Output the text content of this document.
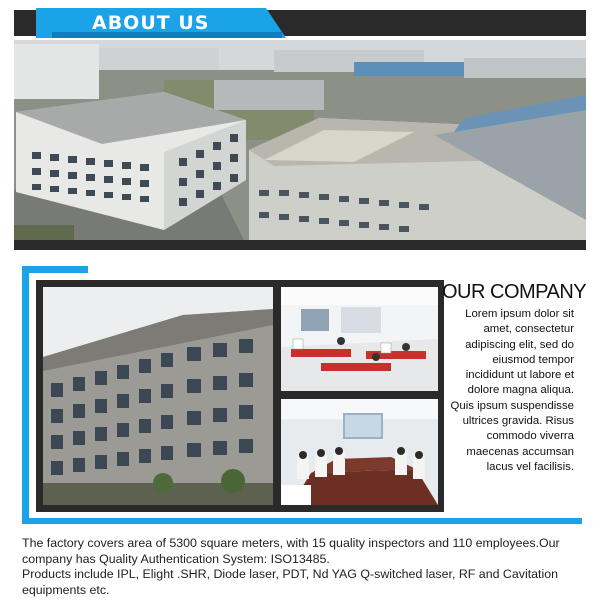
ABOUT US
OUR COMPANY
Lorem ipsum dolor sit amet, consectetur adipiscing elit, sed do eiusmod tempor incididunt ut labore et dolore magna aliqua. Quis ipsum suspendisse ultrices gravida. Risus commodo viverra maecenas accumsan lacus vel facilisis.

The factory covers area of 5300 square meters, with 15 quality inspectors and 110 employees.Our company has Quality Authentication System: ISO13485.

Products include IPL, Elight .SHR, Diode laser, PDT, Nd YAG Q-switched laser, RF and Cavitation equipments etc.
